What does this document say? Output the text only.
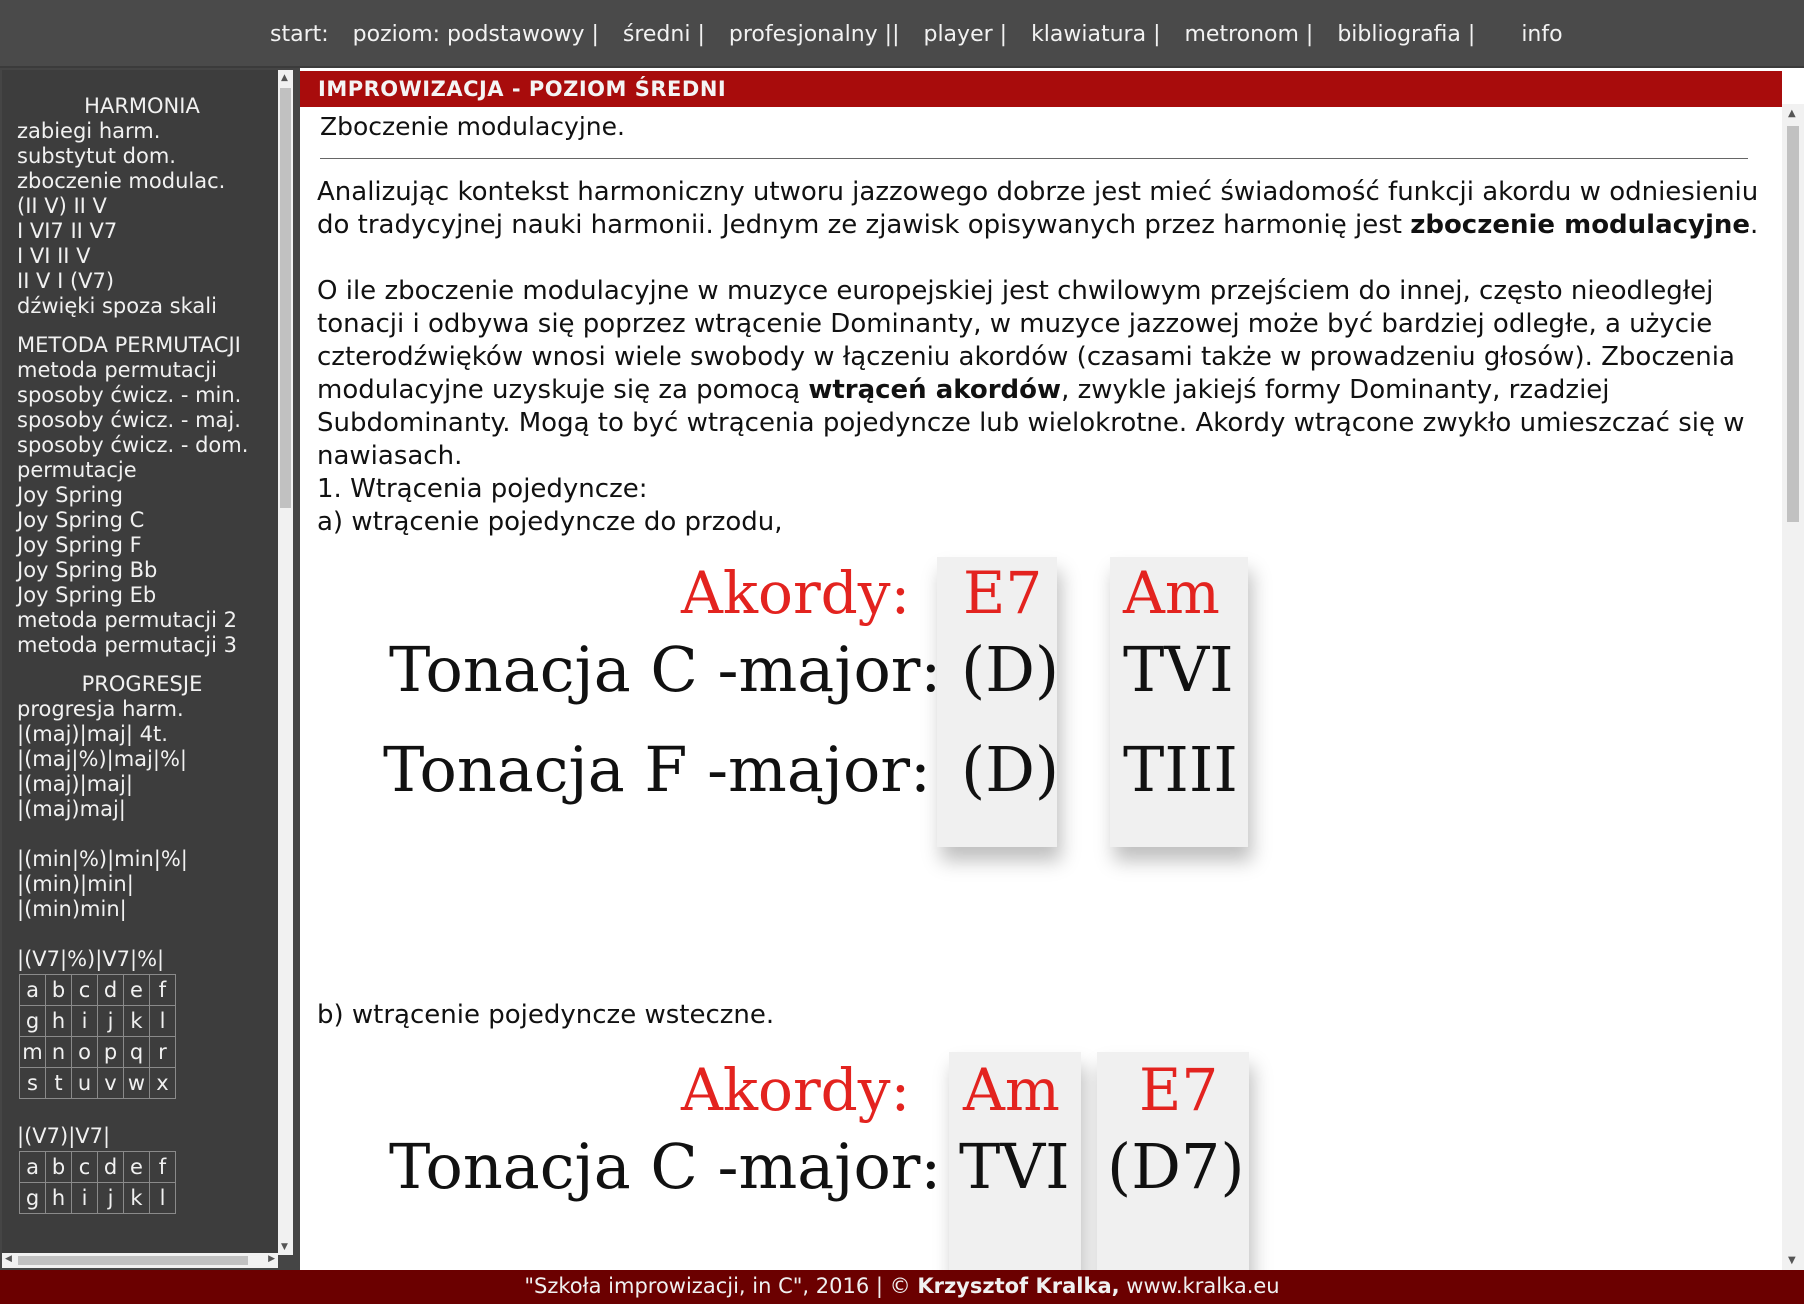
start: poziom: podstawowy | średni | profesjonalny || player | klawiatura | metronom | bibliografia | info
HARMONIA
zabiegi harm.
substytut dom.
zboczenie modulac.
(II V) II V
I VI7 II V7
I VI II V
II V I (V7)
dźwięki spoza skali
METODA PERMUTACJI
metoda permutacji
sposoby ćwicz. - min.
sposoby ćwicz. - maj.
sposoby ćwicz. - dom.
permutacje
Joy Spring
Joy Spring C
Joy Spring F
Joy Spring Bb
Joy Spring Eb
metoda permutacji 2
metoda permutacji 3
PROGRESJE
progresja harm.
|(maj)|maj| 4t.
|(maj|%)|maj|%|
|(maj)|maj|
|(maj)maj|
|(min|%)|min|%|
|(min)|min|
|(min)min|
|(V7|%)|V7|%|
a	b	c	d	e	f
g	h	i	j	k	l
m	n	o	p	q	r
s	t	u	v	w	x
|(V7)|V7|
a	b	c	d	e	f
g	h	i	j	k	l
▲
▼
◀	▶
IMPROWIZACJA - POZIOM ŚREDNI
Zboczenie modulacyjne.

Analizując kontekst harmoniczny utworu jazzowego dobrze jest mieć świadomość funkcji akordu w odniesieniu do tradycyjnej nauki harmonii. Jednym ze zjawisk opisywanych przez harmonię jest zboczenie modulacyjne.

O ile zboczenie modulacyjne w muzyce europejskiej jest chwilowym przejściem do innej, często nieodległej tonacji i odbywa się poprzez wtrącenie Dominanty, w muzyce jazzowej może być bardziej odległe, a użycie czterodźwięków wnosi wiele swobody w łączeniu akordów (czasami także w prowadzeniu głosów). Zboczenia modulacyjne uzyskuje się za pomocą wtrąceń akordów, zwykle jakiejś formy Dominanty, rzadziej Subdominanty. Mogą to być wtrącenia pojedyncze lub wielokrotne. Akordy wtrącone zwykło umieszczać się w nawiasach.

1. Wtrącenia pojedyncze:

a) wtrącenie pojedyncze do przodu,

Akordy: E7 Am
Tonacja C -major: (D) TVI
Tonacja F -major: (D) TIII

b) wtrącenie pojedyncze wsteczne.

Akordy: Am E7
Tonacja C -major: TVI (D7)
▲
▼
"Szkoła improwizacji, in C", 2016 | © Krzysztof Kralka, www.kralka.eu
